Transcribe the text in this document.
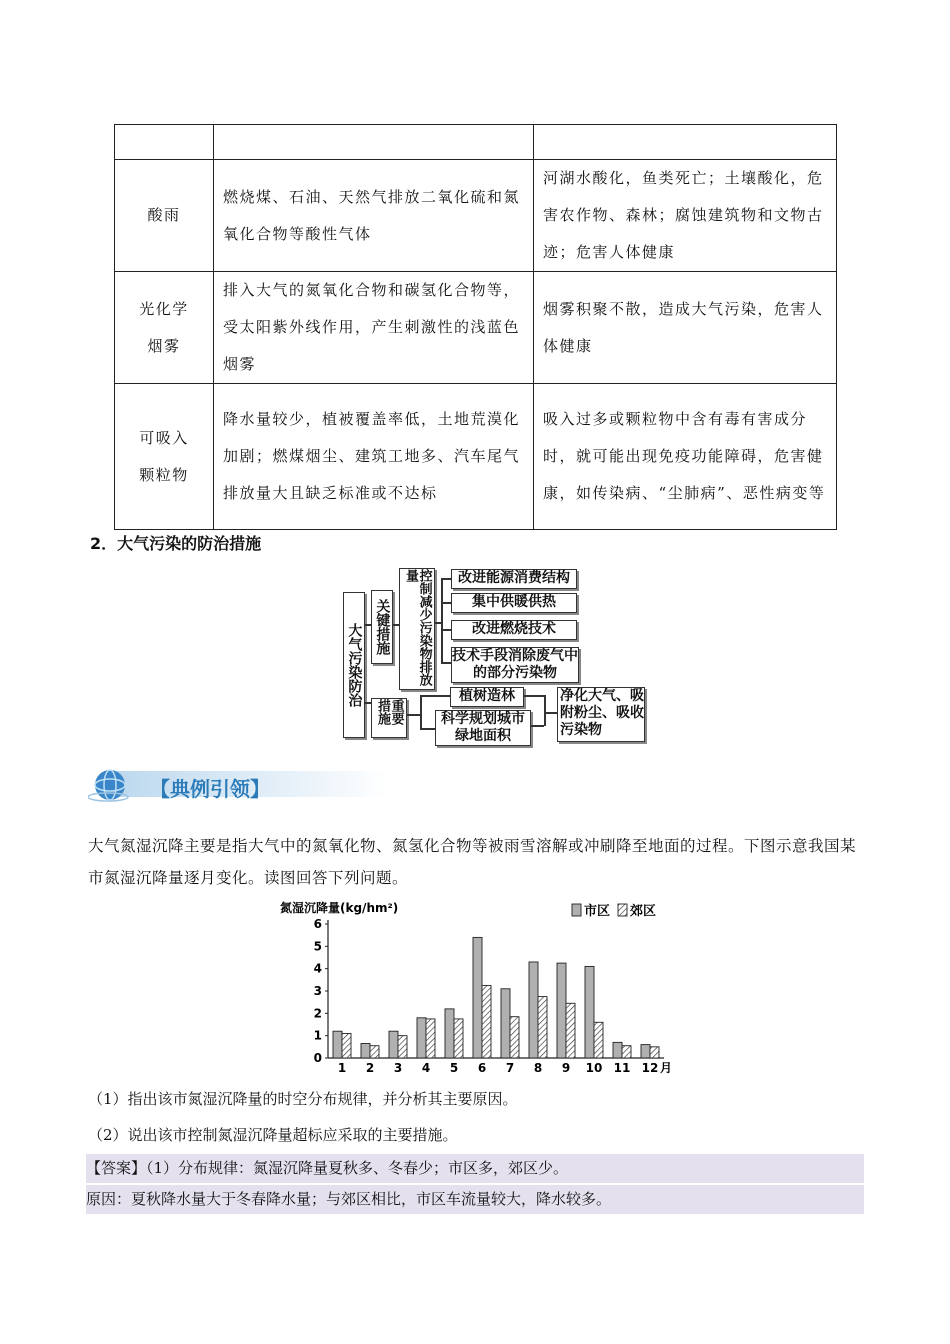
酸雨	燃烧煤、石油、天然气排放二氧化硫和氮氧化合物等酸性气体	河湖水酸化，鱼类死亡；土壤酸化，危害农作物、森林；腐蚀建筑物和文物古迹；危害人体健康
光化学烟雾	排入大气的氮氧化合物和碳氢化合物等，受太阳紫外线作用，产生刺激性的浅蓝色烟雾	烟雾积聚不散，造成大气污染，危害人体健康
可吸入颗粒物	降水量较少，植被覆盖率低，土地荒漠化加剧；燃煤烟尘、建筑工地多、汽车尾气排放量大且缺乏标准或不达标	吸入过多或颗粒物中含有毒有害成分时，就可能出现免疫功能障碍，危害健康，如传染病、“尘肺病”、恶性病变等
2．大气污染的防治措施
大气污染防治 关键措施	控制减少污染物排放量	改进能源消费结构
集中供暖供热
改进燃烧技术
技术手段消除废气中的部分污染物
重要措施
植树造林
科学规划城市绿地面积
净化大气、吸附粉尘、吸收污染物
【典例引领】
大气氮湿沉降主要是指大气中的氮氧化物、氮氢化合物等被雨雪溶解或冲刷降至地面的过程。下图示意我国某市氮湿沉降量逐月变化。读图回答下列问题。
氮湿沉降量(kg/hm²)	市区 郊区
0
1
2
3
4
5
6
1 2 3 4 5 6 7 8 9 10 11 12 月
（1）指出该市氮湿沉降量的时空分布规律，并分析其主要原因。
（2）说出该市控制氮湿沉降量超标应采取的主要措施。
【答案】（1）分布规律：氮湿沉降量夏秋多、冬春少；市区多，郊区少。
原因：夏秋降水量大于冬春降水量；与郊区相比，市区车流量较大，降水较多。
